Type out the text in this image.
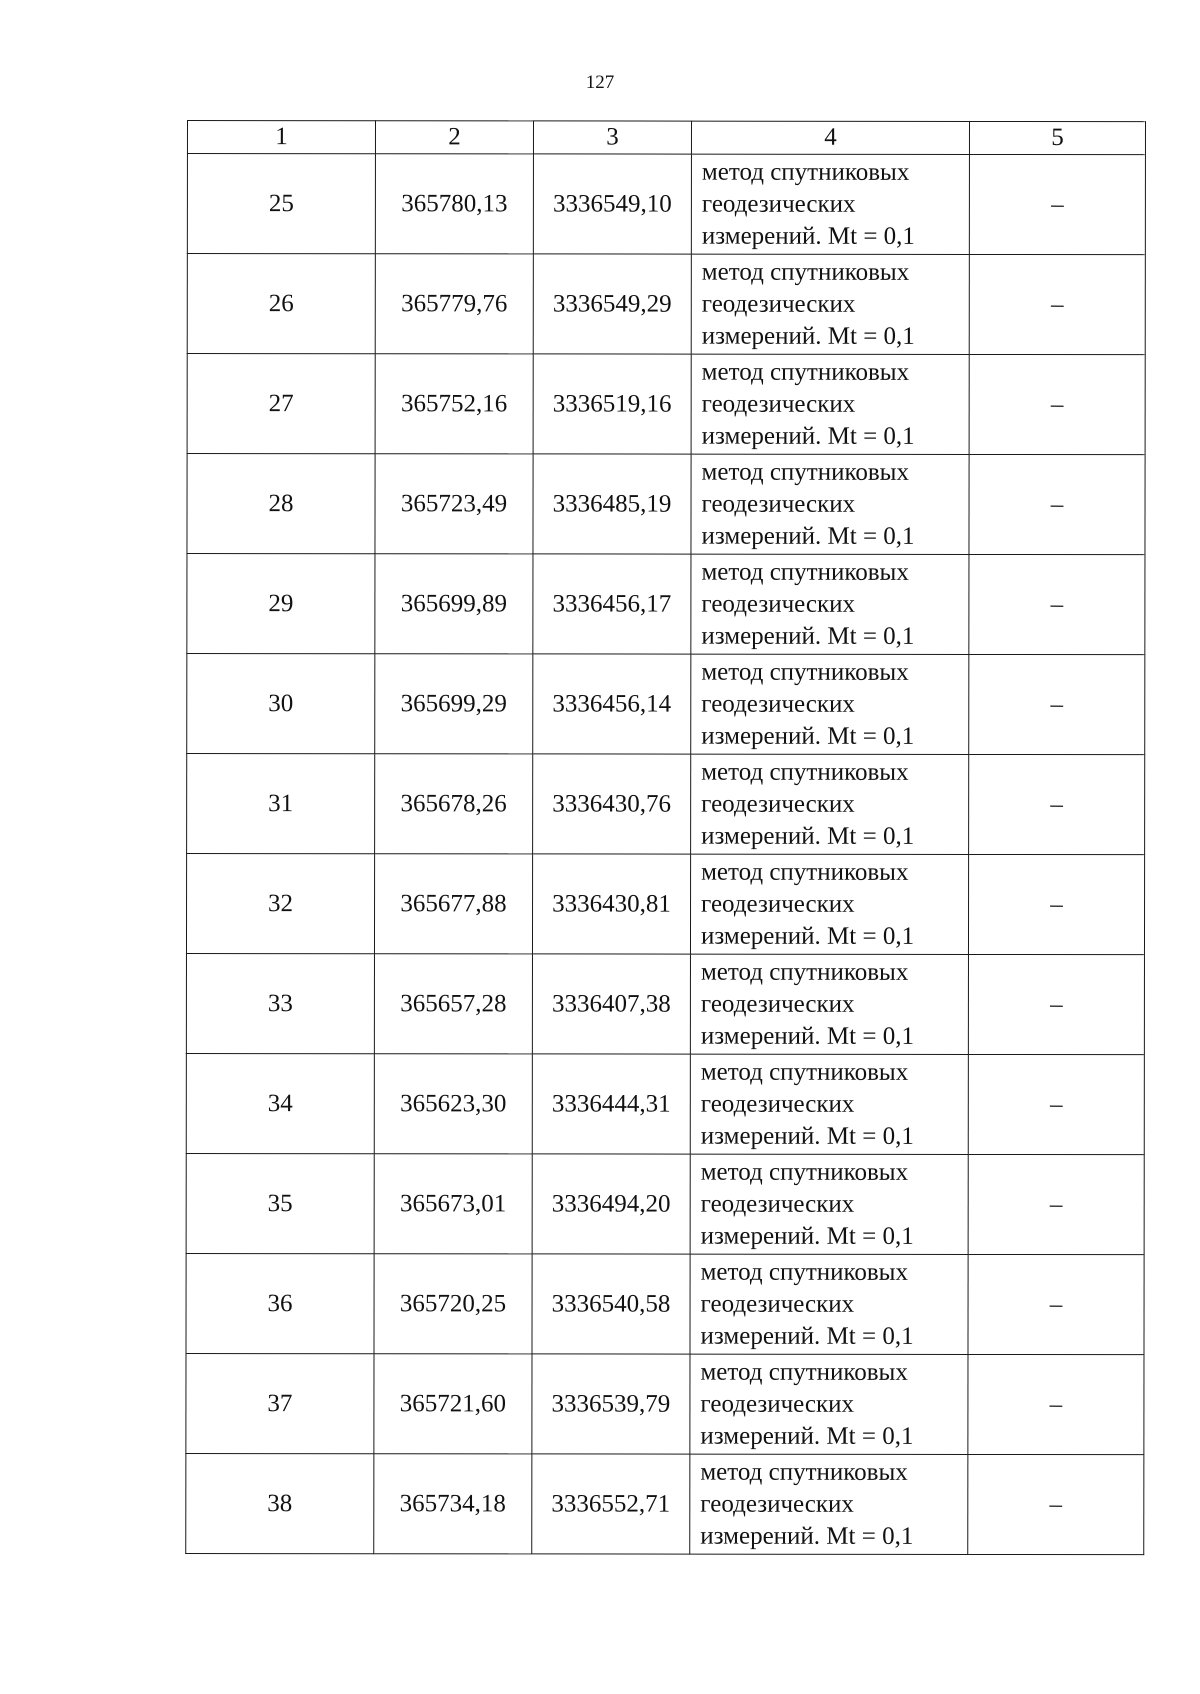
127
1	2	3	4	5
25	365780,13	3336549,10	метод спутниковых
геодезических
измерений. Mt = 0,1	–
26	365779,76	3336549,29	метод спутниковых
геодезических
измерений. Mt = 0,1	–
27	365752,16	3336519,16	метод спутниковых
геодезических
измерений. Mt = 0,1	–
28	365723,49	3336485,19	метод спутниковых
геодезических
измерений. Mt = 0,1	–
29	365699,89	3336456,17	метод спутниковых
геодезических
измерений. Mt = 0,1	–
30	365699,29	3336456,14	метод спутниковых
геодезических
измерений. Mt = 0,1	–
31	365678,26	3336430,76	метод спутниковых
геодезических
измерений. Mt = 0,1	–
32	365677,88	3336430,81	метод спутниковых
геодезических
измерений. Mt = 0,1	–
33	365657,28	3336407,38	метод спутниковых
геодезических
измерений. Mt = 0,1	–
34	365623,30	3336444,31	метод спутниковых
геодезических
измерений. Mt = 0,1	–
35	365673,01	3336494,20	метод спутниковых
геодезических
измерений. Mt = 0,1	–
36	365720,25	3336540,58	метод спутниковых
геодезических
измерений. Mt = 0,1	–
37	365721,60	3336539,79	метод спутниковых
геодезических
измерений. Mt = 0,1	–
38	365734,18	3336552,71	метод спутниковых
геодезических
измерений. Mt = 0,1	–
